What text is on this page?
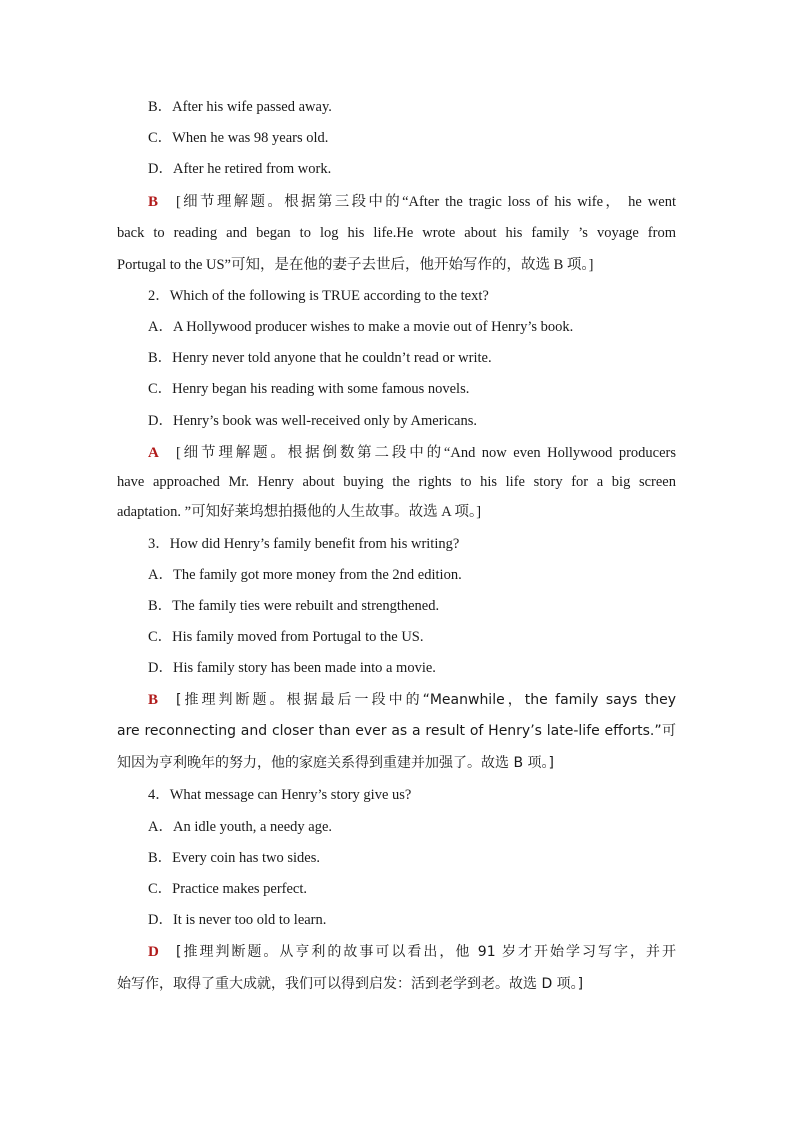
B．After his wife passed away.
C．When he was 98 years old.
D．After he retired from work.
B [细节理解题。根据第三段中的“After the tragic loss of his wife， he went
back to reading and began to log his life.He wrote about his family ’s voyage from
Portugal to the US”可知，是在他的妻子去世后，他开始写作的，故选 B 项。]
2．Which of the following is TRUE according to the text?
A．A Hollywood producer wishes to make a movie out of Henry’s book.
B．Henry never told anyone that he couldn’t read or write.
C．Henry began his reading with some famous novels.
D．Henry’s book was well-received only by Americans.
A [细节理解题。根据倒数第二段中的“And now even Hollywood producers
have approached Mr. Henry about buying the rights to his life story for a big screen
adaptation. ”可知好莱坞想拍摄他的人生故事。故选 A 项。]
3．How did Henry’s family benefit from his writing?
A．The family got more money from the 2nd edition.
B．The family ties were rebuilt and strengthened.
C．His family moved from Portugal to the US.
D．His family story has been made into a movie.
B [推理判断题。根据最后一段中的“Meanwhile，the family says they
are reconnecting and closer than ever as a result of Henry’s late-life efforts.”可
知因为亨利晚年的努力，他的家庭关系得到重建并加强了。故选 B 项。]
4．What message can Henry’s story give us?
A．An idle youth, a needy age.
B．Every coin has two sides.
C．Practice makes perfect.
D．It is never too old to learn.
D [推理判断题。从亨利的故事可以看出，他 91 岁才开始学习写字，并开
始写作，取得了重大成就，我们可以得到启发：活到老学到老。故选 D 项。]
